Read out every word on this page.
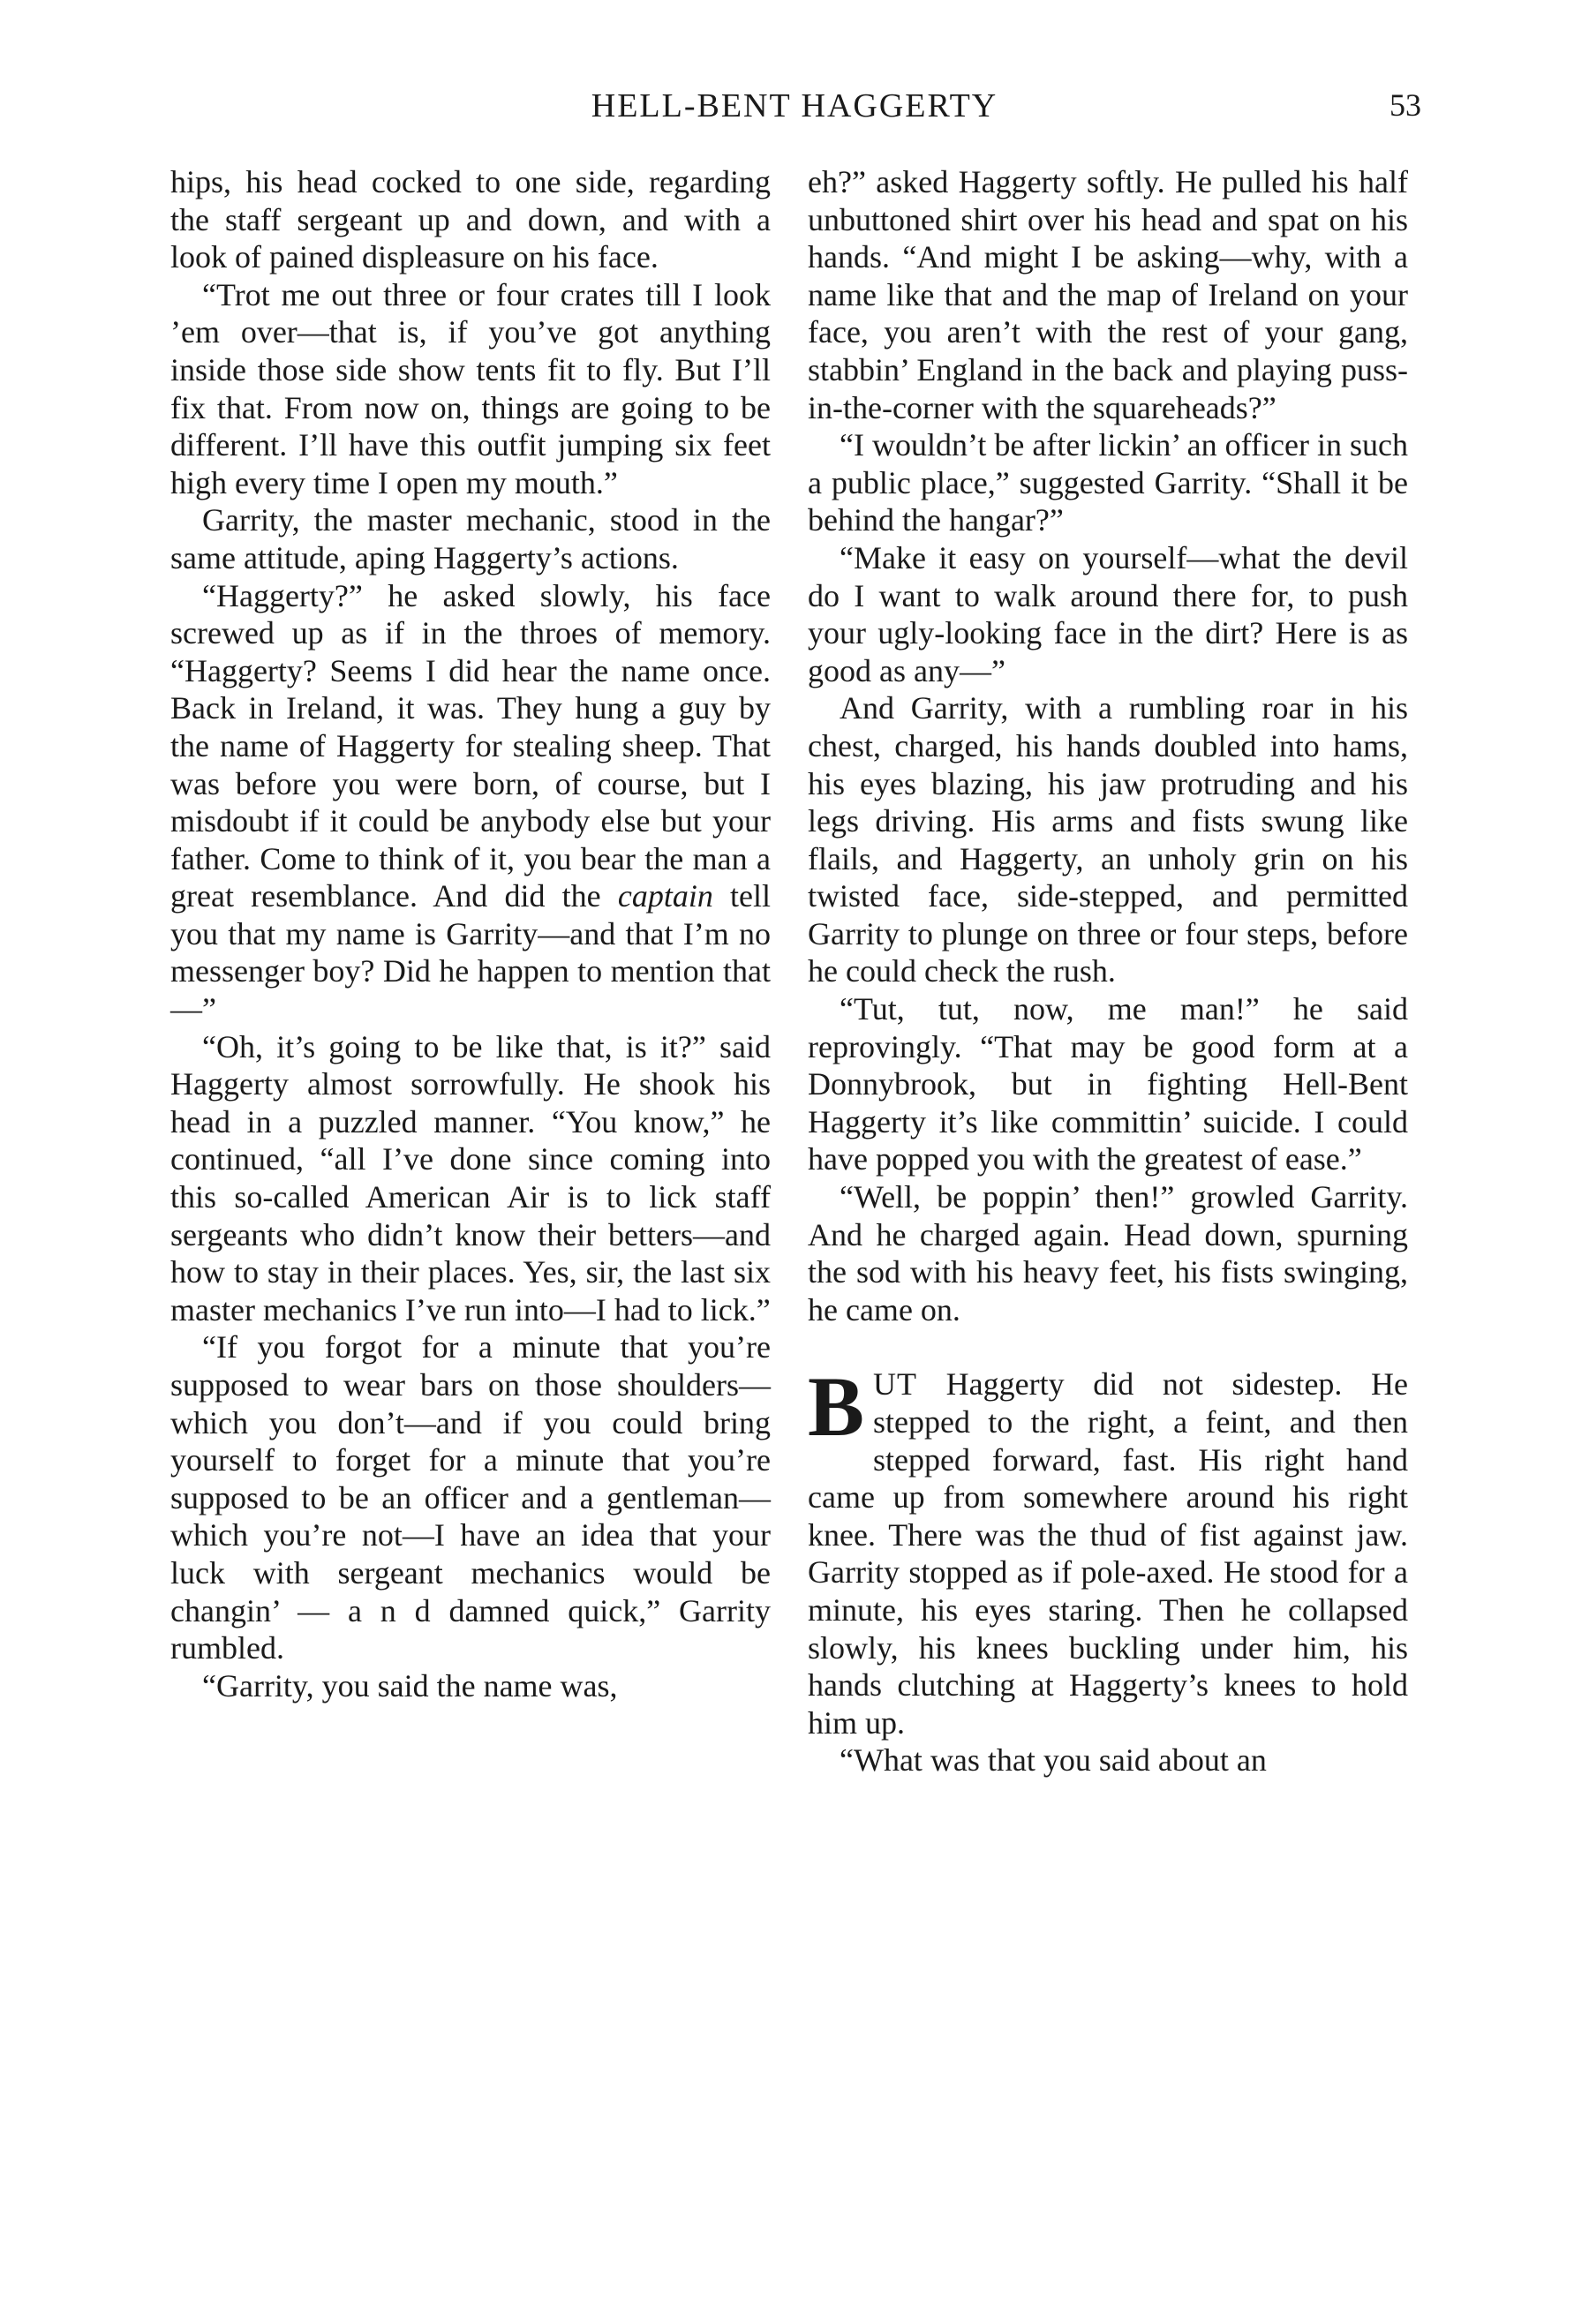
HELL-BENT HAGGERTY	53

hips, his head cocked to one side, regarding the staff sergeant up and down, and with a look of pained displeasure on his face.

“Trot me out three or four crates till I look ’em over—that is, if you’ve got anything inside those side show tents fit to fly. But I’ll fix that. From now on, things are going to be different. I’ll have this outfit jumping six feet high every time I open my mouth.”

Garrity, the master mechanic, stood in the same attitude, aping Haggerty’s actions.

“Haggerty?” he asked slowly, his face screwed up as if in the throes of memory. “Haggerty? Seems I did hear the name once. Back in Ireland, it was. They hung a guy by the name of Haggerty for stealing sheep. That was before you were born, of course, but I misdoubt if it could be anybody else but your father. Come to think of it, you bear the man a great resemblance. And did the captain tell you that my name is Garrity—and that I’m no messenger boy? Did he happen to mention that—”

“Oh, it’s going to be like that, is it?” said Haggerty almost sorrowfully. He shook his head in a puzzled manner. “You know,” he continued, “all I’ve done since coming into this so-called American Air is to lick staff sergeants who didn’t know their betters—and how to stay in their places. Yes, sir, the last six master mechanics I’ve run into—I had to lick.”

“If you forgot for a minute that you’re supposed to wear bars on those shoulders—which you don’t—and if you could bring yourself to forget for a minute that you’re supposed to be an officer and a gentleman—which you’re not—I have an idea that your luck with sergeant mechanics would be changin’ — a n d damned quick,” Garrity rumbled.

“Garrity, you said the name was,

eh?” asked Haggerty softly. He pulled his half unbuttoned shirt over his head and spat on his hands. “And might I be asking—why, with a name like that and the map of Ireland on your face, you aren’t with the rest of your gang, stabbin’ England in the back and playing puss-in-the-corner with the squareheads?”

“I wouldn’t be after lickin’ an officer in such a public place,” suggested Garrity. “Shall it be behind the hangar?”

“Make it easy on yourself—what the devil do I want to walk around there for, to push your ugly-looking face in the dirt? Here is as good as any—”

And Garrity, with a rumbling roar in his chest, charged, his hands doubled into hams, his eyes blazing, his jaw protruding and his legs driving. His arms and fists swung like flails, and Haggerty, an unholy grin on his twisted face, side-stepped, and permitted Garrity to plunge on three or four steps, before he could check the rush.

“Tut, tut, now, me man!” he said reprovingly. “That may be good form at a Donnybrook, but in fighting Hell-Bent Haggerty it’s like committin’ suicide. I could have popped you with the greatest of ease.”

“Well, be poppin’ then!” growled Garrity. And he charged again. Head down, spurning the sod with his heavy feet, his fists swinging, he came on.

BUT Haggerty did not sidestep. He stepped to the right, a feint, and then stepped forward, fast. His right hand came up from somewhere around his right knee. There was the thud of fist against jaw. Garrity stopped as if pole-axed. He stood for a minute, his eyes staring. Then he collapsed slowly, his knees buckling under him, his hands clutching at Haggerty’s knees to hold him up.

“What was that you said about an
